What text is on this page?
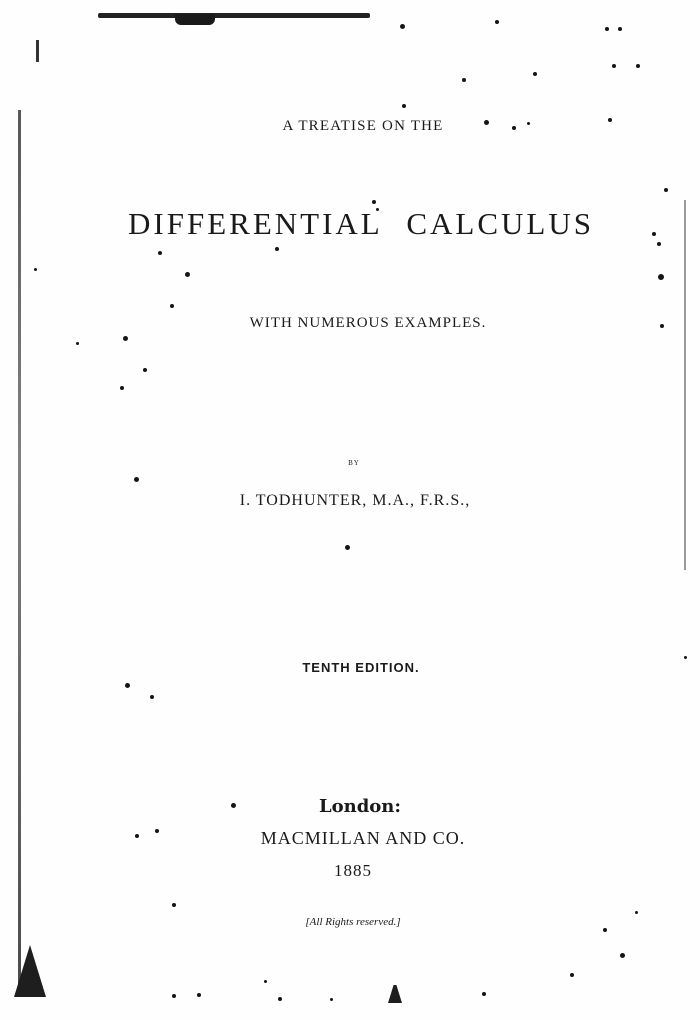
A TREATISE ON THE
DIFFERENTIAL CALCULUS
WITH NUMEROUS EXAMPLES.
BY
I. TODHUNTER, M.A., F.R.S.,
TENTH EDITION.
London:
MACMILLAN AND CO.
1885
[All Rights reserved.]
